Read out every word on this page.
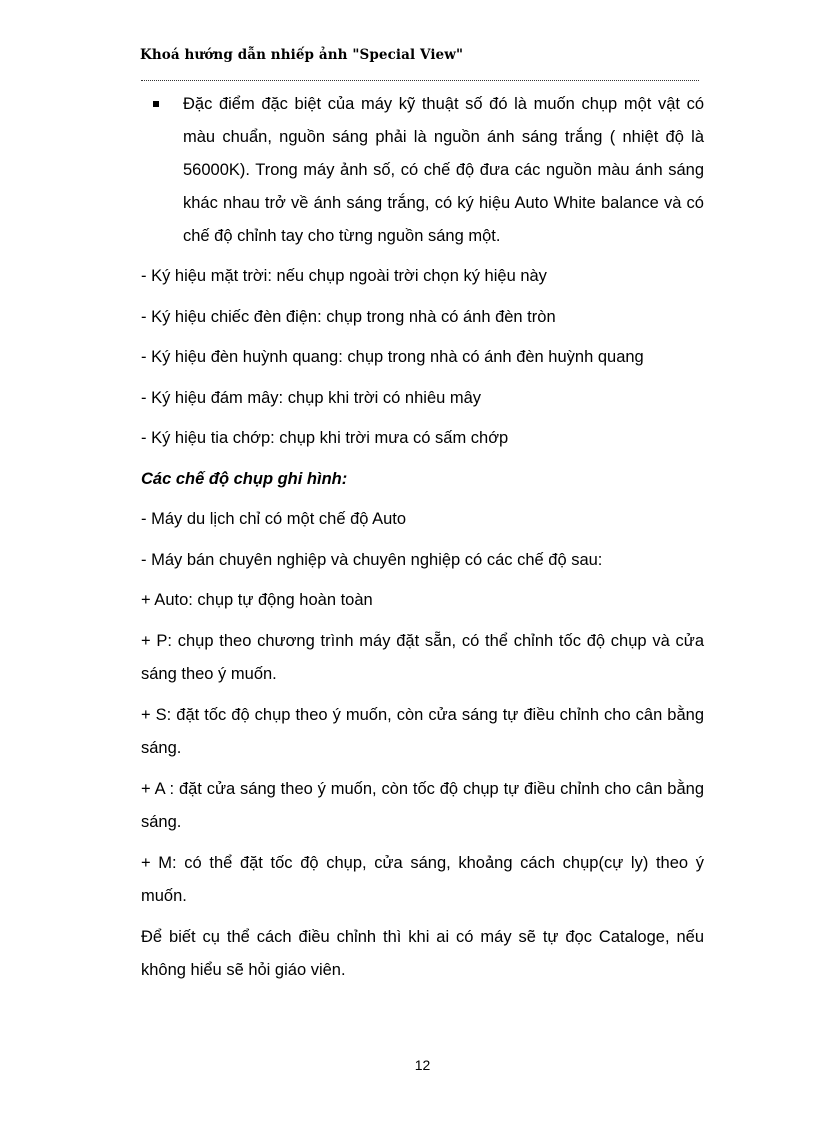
Khoá hướng dẫn nhiếp ảnh "Special View"
Đặc điểm đặc biệt của máy kỹ thuật số đó là muốn chụp một vật có màu chuẩn, nguồn sáng phải là nguồn ánh sáng trắng ( nhiệt độ là 56000K). Trong máy ảnh số, có chế độ đưa các nguồn màu ánh sáng khác nhau trở về ánh sáng trắng, có ký hiệu Auto White balance và có chế độ chỉnh tay cho từng nguồn sáng một.
- Ký hiệu mặt trời: nếu chụp ngoài trời chọn ký hiệu này
- Ký hiệu chiếc đèn điện: chụp trong nhà có ánh đèn tròn
- Ký hiệu đèn huỳnh quang: chụp trong nhà có ánh đèn huỳnh quang
- Ký hiệu đám mây: chụp khi trời có nhiêu mây
- Ký hiệu tia chớp: chụp khi trời mưa có sấm chớp
Các chế độ chụp ghi hình:
- Máy du lịch chỉ có một chế độ Auto
- Máy bán chuyên nghiệp và chuyên nghiệp có các chế độ sau:
+ Auto: chụp tự động hoàn toàn
+ P: chụp theo chương trình máy đặt sẵn, có thể chỉnh tốc độ chụp và cửa sáng theo ý muốn.
+ S: đặt tốc độ chụp theo ý muốn, còn cửa sáng tự điều chỉnh cho cân bằng sáng.
+ A : đặt cửa sáng theo ý muốn, còn tốc độ chụp tự điều chỉnh cho cân bằng sáng.
+ M: có thể đặt tốc độ chụp, cửa sáng, khoảng cách chụp(cự ly) theo ý muốn.
Để biết cụ thể cách điều chỉnh thì khi ai có máy sẽ tự đọc Cataloge, nếu không hiểu sẽ hỏi giáo viên.
12
